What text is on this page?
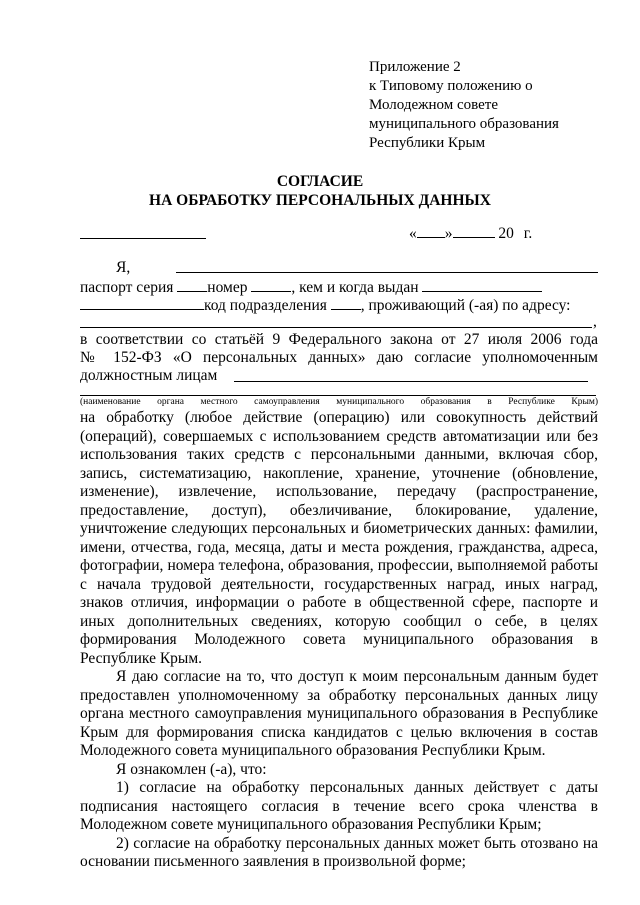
Приложение 2
к Типовому положению о
Молодежном совете
муниципального образования
Республики Крым
СОГЛАСИЕ
НА ОБРАБОТКУ ПЕРСОНАЛЬНЫХ ДАННЫХ
« »	20 г.
Я,
паспорт серия номер	, кем и когда выдан
код подразделения , проживающий (-ая) по адресу:
,
в соответствии со статьёй 9 Федерального закона от 27 июля 2006 года
№ 152-ФЗ «О персональных данных» даю согласие уполномоченным
должностным лицам
(наименование органа местного самоуправления муниципального образования в Республике Крым)

на обработку (любое действие (операцию) или совокупность действий (операций), совершаемых с использованием средств автоматизации или без использования таких средств с персональными данными, включая сбор, запись, систематизацию, накопление, хранение, уточнение (обновление, изменение), извлечение, использование, передачу (распространение, предоставление, доступ), обезличивание, блокирование, удаление, уничтожение следующих персональных и биометрических данных: фамилии, имени, отчества, года, месяца, даты и места рождения, гражданства, адреса, фотографии, номера телефона, образования, профессии, выполняемой работы с начала трудовой деятельности, государственных наград, иных наград, знаков отличия, информации о работе в общественной сфере, паспорте и иных дополнительных сведениях, которую сообщил о себе, в целях формирования Молодежного совета муниципального образования в Республике Крым.

Я даю согласие на то, что доступ к моим персональным данным будет предоставлен уполномоченному за обработку персональных данных лицу органа местного самоуправления муниципального образования в Республике Крым для формирования списка кандидатов с целью включения в состав Молодежного совета муниципального образования Республики Крым.

Я ознакомлен (-а), что:

1) согласие на обработку персональных данных действует с даты подписания настоящего согласия в течение всего срока членства в Молодежном совете муниципального образования Республики Крым;

2) согласие на обработку персональных данных может быть отозвано на основании письменного заявления в произвольной форме;
